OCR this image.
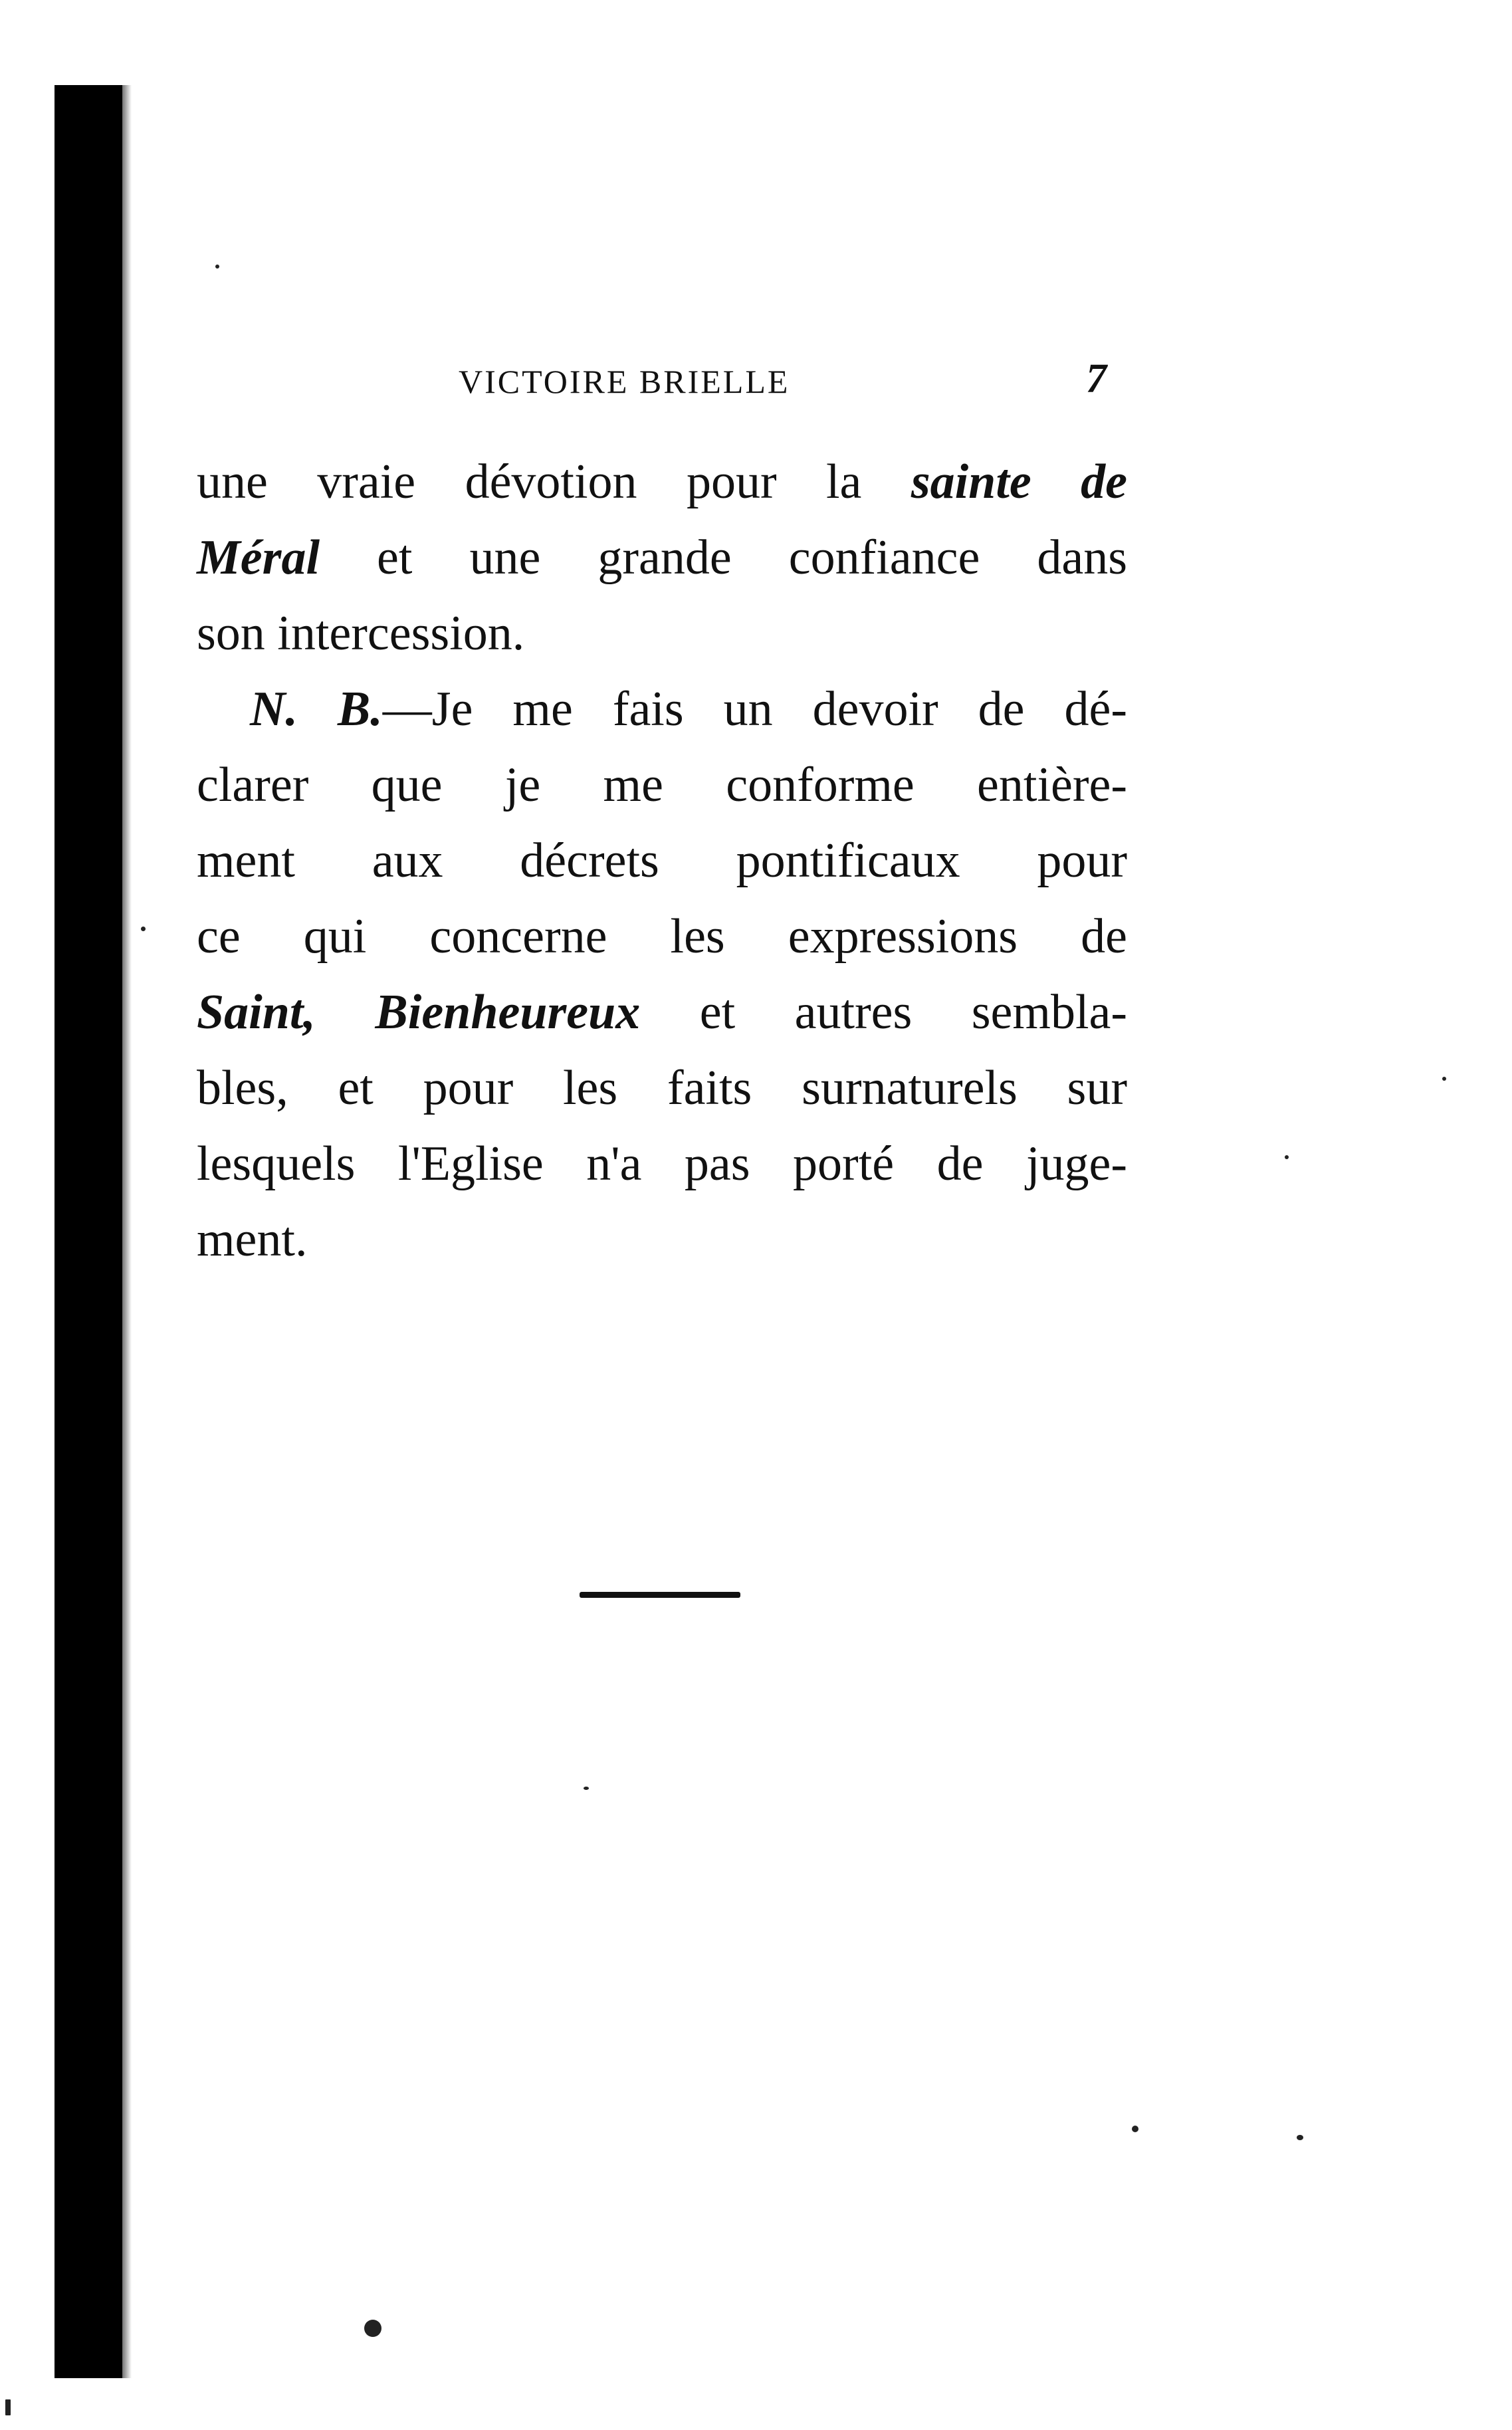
VICTOIRE BRIELLE	7
une vraie dévotion pour la sainte de
Méral et une grande confiance dans
son intercession.
N. B.—Je me fais un devoir de dé-
clarer que je me conforme entière-
ment aux décrets pontificaux pour
ce qui concerne les expressions de
Saint, Bienheureux et autres sembla-
bles, et pour les faits surnaturels sur
lesquels l'Eglise n'a pas porté de juge-
ment.
